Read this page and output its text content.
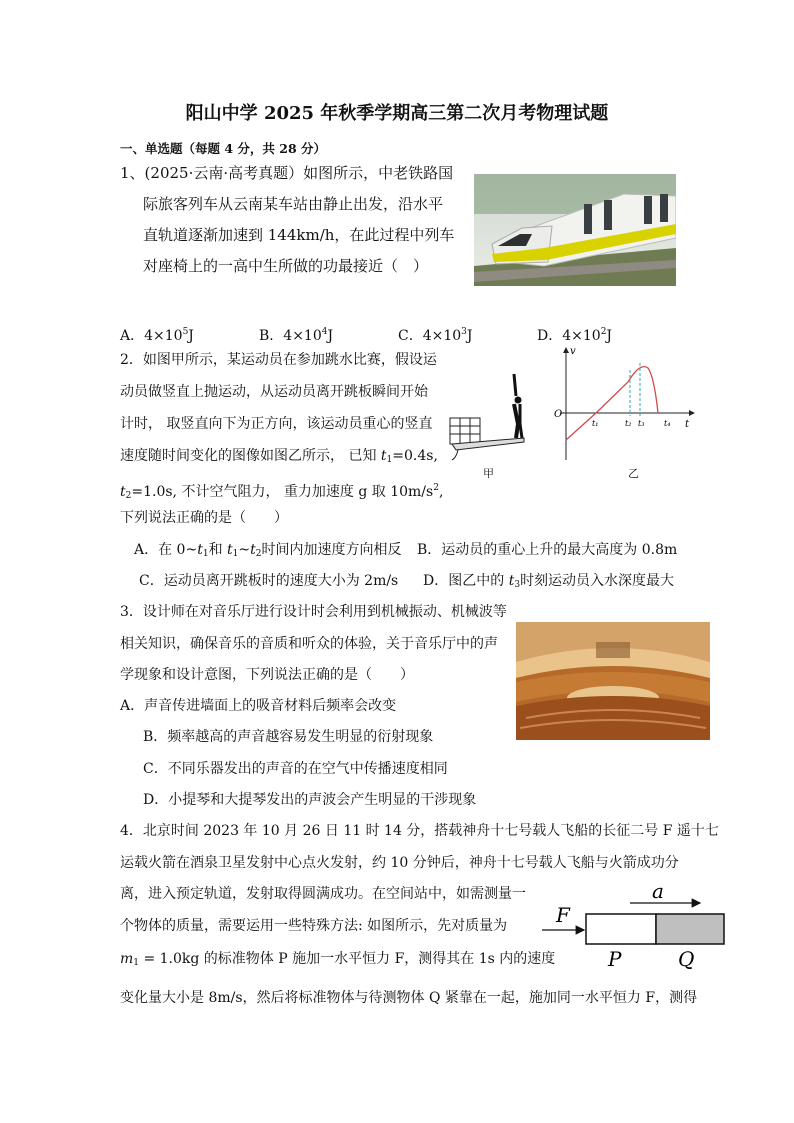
阳山中学 2025 年秋季学期高三第二次月考物理试题
一、单选题（每题 4 分，共 28 分）
1、(2025·云南·高考真题）如图所示，中老铁路国
际旅客列车从云南某车站由静止出发，沿水平
直轨道逐渐加速到 144km/h，在此过程中列车
对座椅上的一高中生所做的功最接近（　）
A．$4\times 10^5J$	B．$4\times 10^4J$	C．$4\times 10^3J$	D．$4\times 10^2J$
2．如图甲所示，某运动员在参加跳水比赛，假设运
动员做竖直上抛运动，从运动员离开跳板瞬间开始
计时， 取竖直向下为正方向，该运动员重心的竖直
速度随时间变化的图像如图乙所示， 已知 $t_1=0.4s$,
$t_2=1.0s$, 不计空气阻力， 重力加速度 g 取 $10m/s^2$,
下列说法正确的是（　　）
甲
v
O
t
t₁	t₂ t₃ t₄
乙
A．在 $0\sim t_1$和 $t_1\sim t_2$时间内加速度方向相反 B．运动员的重心上升的最大高度为 0.8m
C．运动员离开跳板时的速度大小为 2m/s D．图乙中的 $t_3$时刻运动员入水深度最大
3．设计师在对音乐厅进行设计时会利用到机械振动、机械波等
相关知识，确保音乐的音质和听众的体验，关于音乐厅中的声
学现象和设计意图，下列说法正确的是（　　）
A．声音传进墙面上的吸音材料后频率会改变
B．频率越高的声音越容易发生明显的衍射现象
C．不同乐器发出的声音的在空气中传播速度相同
D．小提琴和大提琴发出的声波会产生明显的干涉现象
4．北京时间 2023 年 10 月 26 日 11 时 14 分，搭载神舟十七号载人飞船的长征二号 F 遥十七
运载火箭在酒泉卫星发射中心点火发射，约 10 分钟后，神舟十七号载人飞船与火箭成功分
离，进入预定轨道，发射取得圆满成功。在空间站中，如需测量一
个物体的质量，需要运用一些特殊方法: 如图所示，先对质量为
$m_1 = 1.0kg$ 的标准物体 P 施加一水平恒力 F，测得其在 1s 内的速度
变化量大小是 8m/s，然后将标准物体与待测物体 Q 紧靠在一起，施加同一水平恒力 F，测得
a
F
P	Q
